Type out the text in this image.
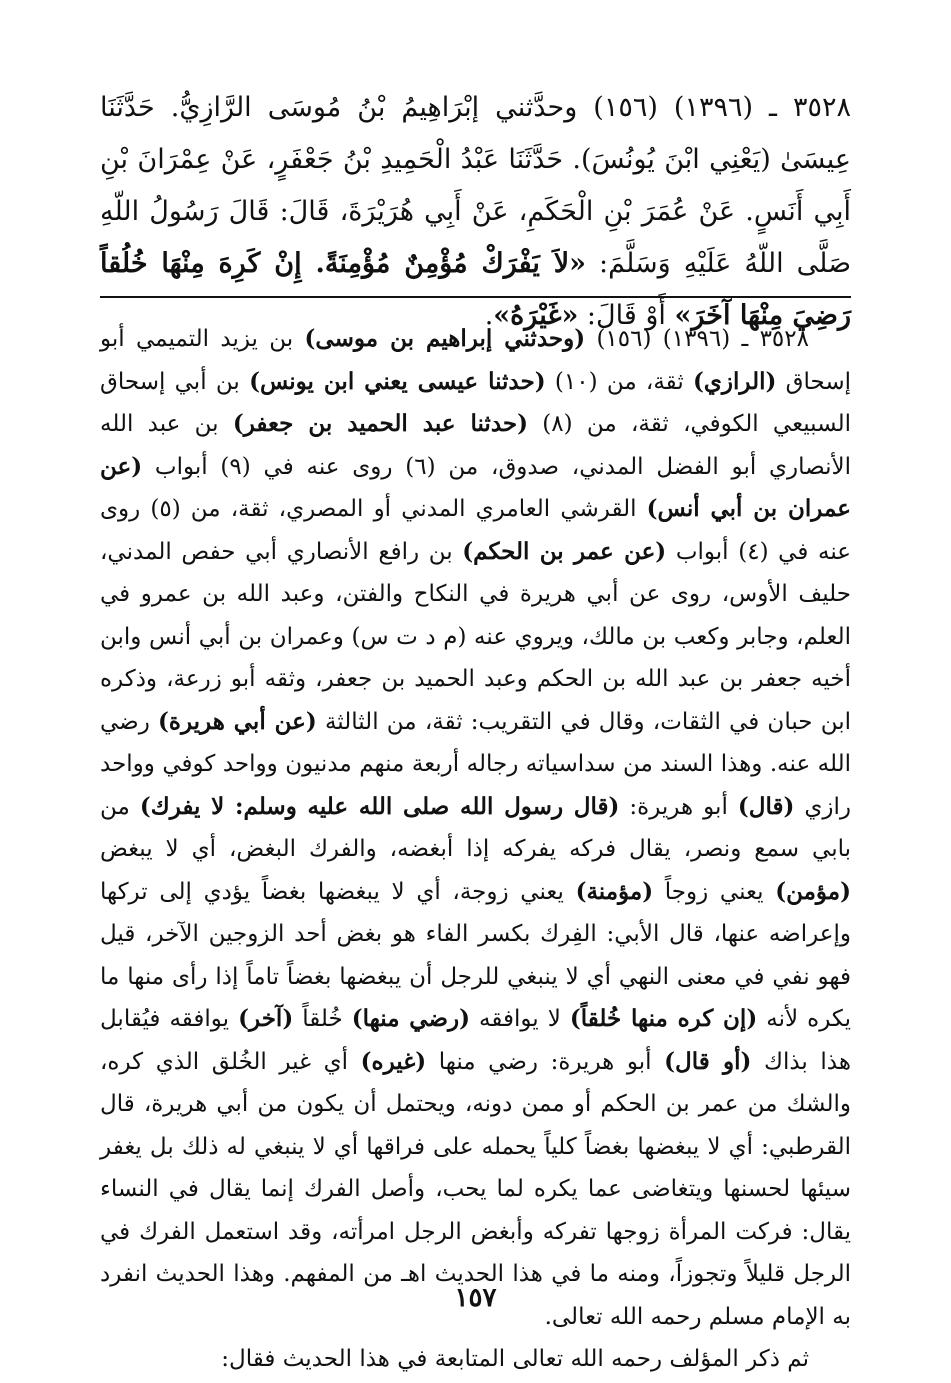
٣٥٢٨ ـ (١٣٩٦) (١٥٦) وحدَّثني إبْرَاهِيمُ بْنُ مُوسَى الرَّازِيُّ. حَدَّثَنَا عِيسَىٰ (يَعْنِي ابْنَ يُونُسَ). حَدَّثَنَا عَبْدُ الْحَمِيدِ بْنُ جَعْفَرٍ، عَنْ عِمْرَانَ بْنِ أَبِي أَنَسٍ. عَنْ عُمَرَ بْنِ الْحَكَمِ، عَنْ أَبِي هُرَيْرَةَ، قَالَ: قَالَ رَسُولُ اللّهِ صَلَّى اللّهُ عَلَيْهِ وَسَلَّمَ: «لاَ يَفْرَكْ مُؤْمِنٌ مُؤْمِنَةً. إِنْ كَرِهَ مِنْهَا خُلُقاً رَضِيَ مِنْهَا آخَرَ» أَوْ قَالَ: «غَيْرَهُ».

٣٥٢٨ ـ (١٣٩٦) (١٥٦) (وحدثني إبراهيم بن موسى) بن يزيد التميمي أبو إسحاق (الرازي) ثقة، من (١٠) (حدثنا عيسى يعني ابن يونس) بن أبي إسحاق السبيعي الكوفي، ثقة، من (٨) (حدثنا عبد الحميد بن جعفر) بن عبد الله الأنصاري أبو الفضل المدني، صدوق، من (٦) روى عنه في (٩) أبواب (عن عمران بن أبي أنس) القرشي العامري المدني أو المصري، ثقة، من (٥) روى عنه في (٤) أبواب (عن عمر بن الحكم) بن رافع الأنصاري أبي حفص المدني، حليف الأوس، روى عن أبي هريرة في النكاح والفتن، وعبد الله بن عمرو في العلم، وجابر وكعب بن مالك، ويروي عنه (م د ت س) وعمران بن أبي أنس وابن أخيه جعفر بن عبد الله بن الحكم وعبد الحميد بن جعفر، وثقه أبو زرعة، وذكره ابن حبان في الثقات، وقال في التقريب: ثقة، من الثالثة (عن أبي هريرة) رضي الله عنه. وهذا السند من سداسياته رجاله أربعة منهم مدنيون وواحد كوفي وواحد رازي (قال) أبو هريرة: (قال رسول الله صلى الله عليه وسلم: لا يفرك) من بابي سمع ونصر، يقال فركه يفركه إذا أبغضه، والفرك البغض، أي لا يبغض (مؤمن) يعني زوجاً (مؤمنة) يعني زوجة، أي لا يبغضها بغضاً يؤدي إلى تركها وإعراضه عنها، قال الأبي: الفِرك بكسر الفاء هو بغض أحد الزوجين الآخر، قيل فهو نفي في معنى النهي أي لا ينبغي للرجل أن يبغضها بغضاً تاماً إذا رأى منها ما يكره لأنه (إن كره منها خُلقاً) لا يوافقه (رضي منها) خُلقاً (آخر) يوافقه فيُقابل هذا بذاك (أو قال) أبو هريرة: رضي منها (غيره) أي غير الخُلق الذي كره، والشك من عمر بن الحكم أو ممن دونه، ويحتمل أن يكون من أبي هريرة، قال القرطبي: أي لا يبغضها بغضاً كلياً يحمله على فراقها أي لا ينبغي له ذلك بل يغفر سيئها لحسنها ويتغاضى عما يكره لما يحب، وأصل الفرك إنما يقال في النساء يقال: فركت المرأة زوجها تفركه وأبغض الرجل امرأته، وقد استعمل الفرك في الرجل قليلاً وتجوزاً، ومنه ما في هذا الحديث اهـ من المفهم. وهذا الحديث انفرد به الإمام مسلم رحمه الله تعالى.

ثم ذكر المؤلف رحمه الله تعالى المتابعة في هذا الحديث فقال:

١٥٧
